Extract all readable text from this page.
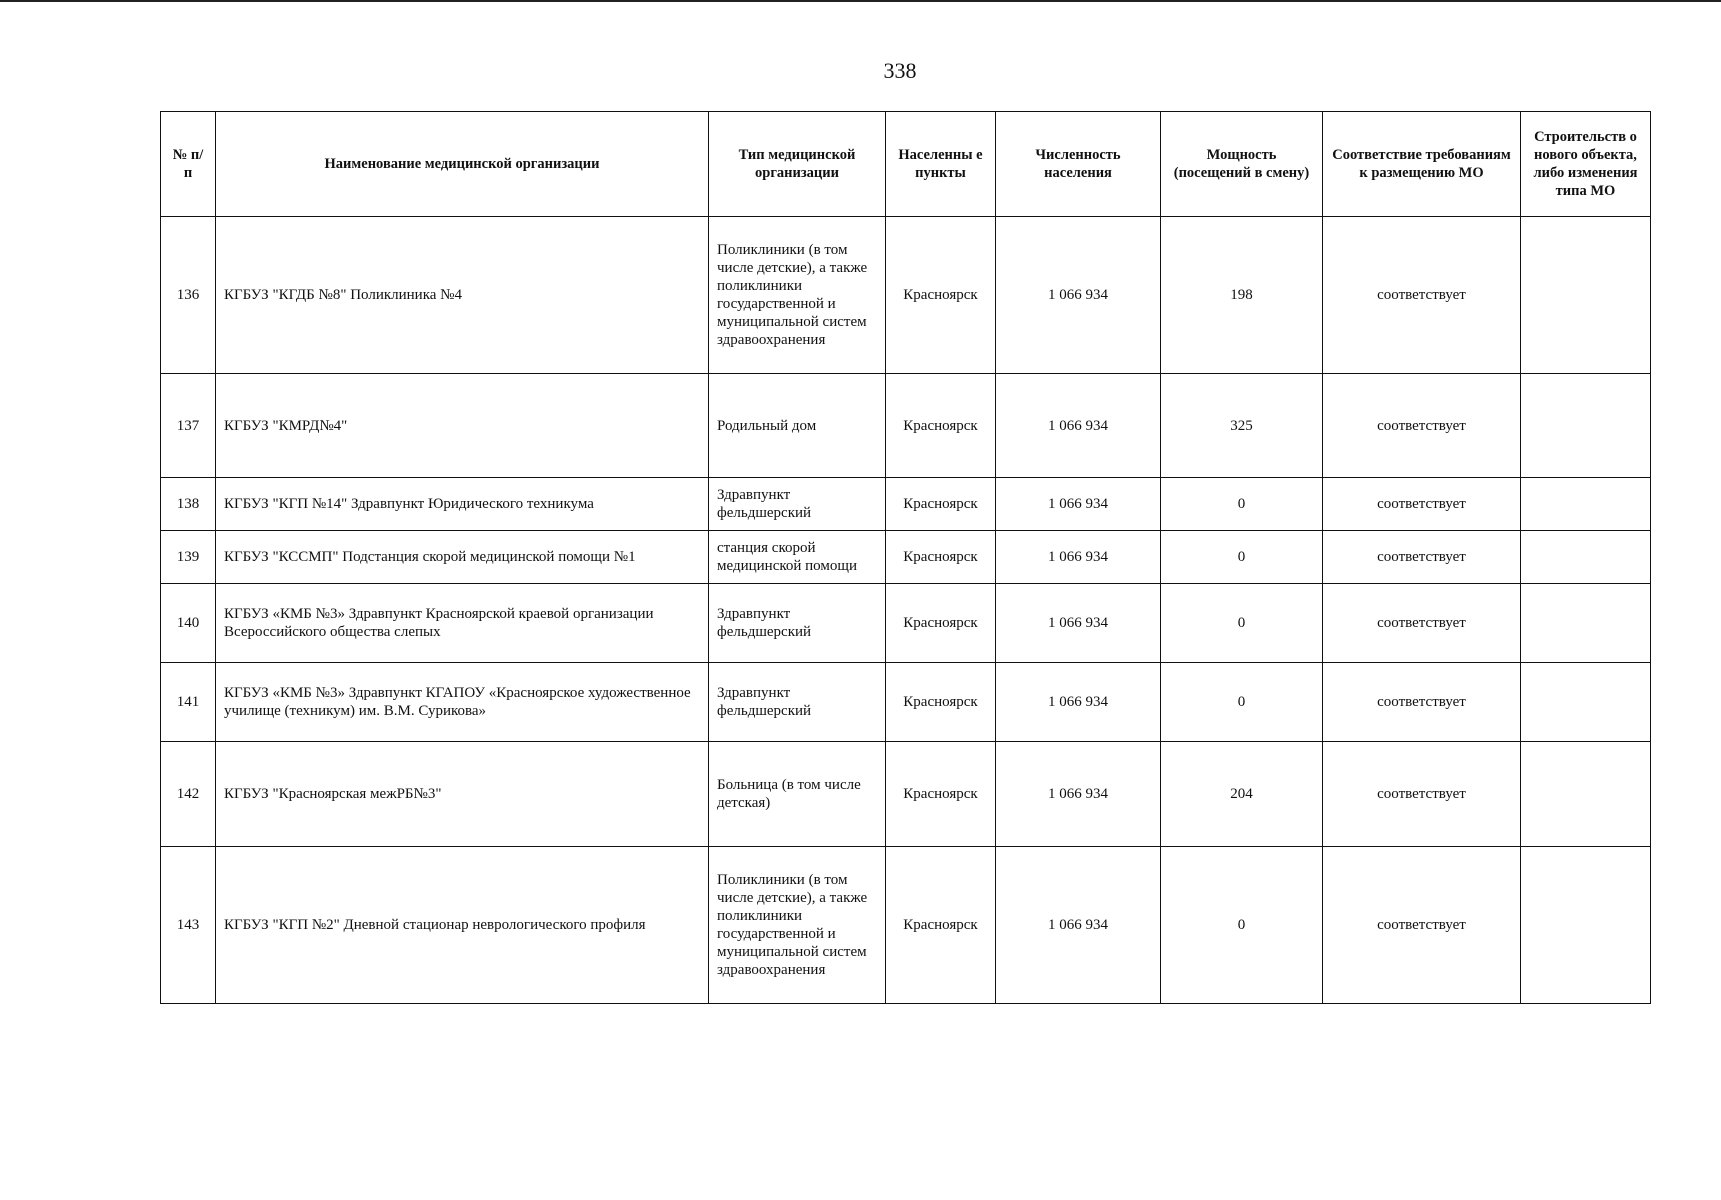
338
№ п/п	Наименование медицинской организации	Тип медицинской организации	Населенны е пункты	Численность населения	Мощность (посещений в смену)	Соответствие требованиям к размещению МО	Строительств о нового объекта, либо изменения типа МО
136	КГБУЗ "КГДБ №8" Поликлиника №4	Поликлиники (в том числе детские), а также поликлиники государственной и муниципальной систем здравоохранения	Красноярск	1 066 934	198	соответствует	
137	КГБУЗ "КМРД№4"	Родильный дом	Красноярск	1 066 934	325	соответствует	
138	КГБУЗ "КГП №14" Здравпункт Юридического техникума	Здравпункт фельдшерский	Красноярск	1 066 934	0	соответствует	
139	КГБУЗ "КССМП" Подстанция скорой медицинской помощи №1	станция скорой медицинской помощи	Красноярск	1 066 934	0	соответствует	
140	КГБУЗ «КМБ №3» Здравпункт Красноярской краевой организации Всероссийского общества слепых	Здравпункт фельдшерский	Красноярск	1 066 934	0	соответствует	
141	КГБУЗ «КМБ №3» Здравпункт КГАПОУ «Красноярское художественное училище (техникум) им. В.М. Сурикова»	Здравпункт фельдшерский	Красноярск	1 066 934	0	соответствует	
142	КГБУЗ "Красноярская межРБ№3"	Больница (в том числе детская)	Красноярск	1 066 934	204	соответствует	
143	КГБУЗ "КГП №2" Дневной стационар неврологического профиля	Поликлиники (в том числе детские), а также поликлиники государственной и муниципальной систем здравоохранения	Красноярск	1 066 934	0	соответствует	
